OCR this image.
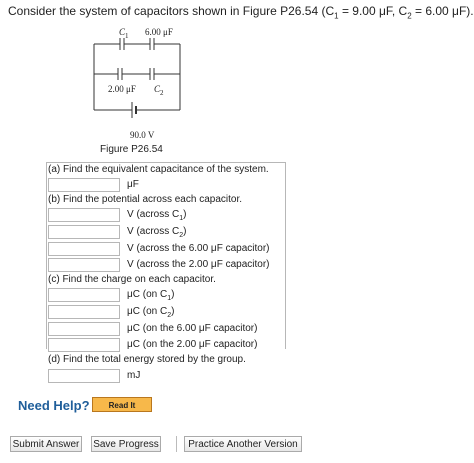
Consider the system of capacitors shown in Figure P26.54 ($C_1 = 9.00$ μF, $C_2 = 6.00$ μF).
$C_1$ 6.00 μF
2.00 μF $C_2$
90.0 V
Figure P26.54
(a) Find the equivalent capacitance of the system.
μF
(b) Find the potential across each capacitor.
V (across $C_1$)
V (across $C_2$)
V (across the 6.00 μF capacitor)
V (across the 2.00 μF capacitor)
(c) Find the charge on each capacitor.
μC (on $C_1$)
μC (on $C_2$)
μC (on the 6.00 μF capacitor)
μC (on the 2.00 μF capacitor)
(d) Find the total energy stored by the group.
mJ
Need Help?	Read It
Submit Answer Save Progress	Practice Another Version
